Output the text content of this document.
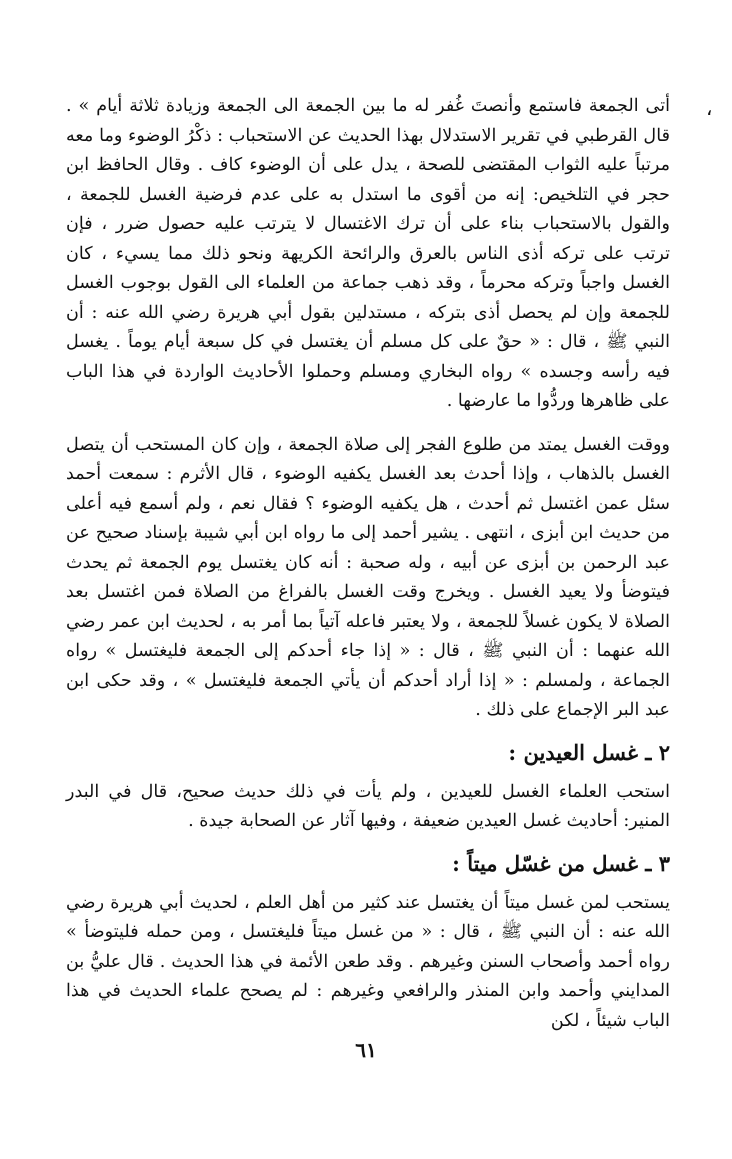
،

أتى الجمعة فاستمع وأنصتَ غُفر له ما بين الجمعة الى الجمعة وزيادة ثلاثة أيام » . قال القرطبي في تقرير الاستدلال بهذا الحديث عن الاستحباب : ذكْرُ الوضوء وما معه مرتباً عليه الثواب المقتضى للصحة ، يدل على أن الوضوء كاف . وقال الحافظ ابن حجر في التلخيص: إنه من أقوى ما استدل به على عدم فرضية الغسل للجمعة ، والقول بالاستحباب بناء على أن ترك الاغتسال لا يترتب عليه حصول ضرر ، فإن ترتب على تركه أذى الناس بالعرق والرائحة الكريهة ونحو ذلك مما يسيء ، كان الغسل واجباً وتركه محرماً ، وقد ذهب جماعة من العلماء الى القول بوجوب الغسل للجمعة وإن لم يحصل أذى بتركه ، مستدلين بقول أبي هريرة رضي الله عنه : أن النبي ﷺ ، قال : « حقٌ على كل مسلم أن يغتسل في كل سبعة أيام يوماً . يغسل فيه رأسه وجسده » رواه البخاري ومسلم وحملوا الأحاديث الواردة في هذا الباب على ظاهرها وردُّوا ما عارضها .

ووقت الغسل يمتد من طلوع الفجر إلى صلاة الجمعة ، وإن كان المستحب أن يتصل الغسل بالذهاب ، وإذا أحدث بعد الغسل يكفيه الوضوء ، قال الأثرم : سمعت أحمد سئل عمن اغتسل ثم أحدث ، هل يكفيه الوضوء ؟ فقال نعم ، ولم أسمع فيه أعلى من حديث ابن أبزى ، انتهى . يشير أحمد إلى ما رواه ابن أبي شيبة بإسناد صحيح عن عبد الرحمن بن أبزى عن أبيه ، وله صحبة : أنه كان يغتسل يوم الجمعة ثم يحدث فيتوضأ ولا يعيد الغسل . ويخرج وقت الغسل بالفراغ من الصلاة فمن اغتسل بعد الصلاة لا يكون غسلاً للجمعة ، ولا يعتبر فاعله آتياً بما أمر به ، لحديث ابن عمر رضي الله عنهما : أن النبي ﷺ ، قال : « إذا جاء أحدكم إلى الجمعة فليغتسل » رواه الجماعة ، ولمسلم : « إذا أراد أحدكم أن يأتي الجمعة فليغتسل » ، وقد حكى ابن عبد البر الإجماع على ذلك .

٢ ـ غسل العيدين :

استحب العلماء الغسل للعيدين ، ولم يأت في ذلك حديث صحيح، قال في البدر المنير: أحاديث غسل العيدين ضعيفة ، وفيها آثار عن الصحابة جيدة .

٣ ـ غسل من غسّل ميتاً :

يستحب لمن غسل ميتاً أن يغتسل عند كثير من أهل العلم ، لحديث أبي هريرة رضي الله عنه : أن النبي ﷺ ، قال : « من غسل ميتاً فليغتسل ، ومن حمله فليتوضأ » رواه أحمد وأصحاب السنن وغيرهم . وقد طعن الأئمة في هذا الحديث . قال عليُّ بن المدايني وأحمد وابن المنذر والرافعي وغيرهم : لم يصحح علماء الحديث في هذا الباب شيئاً ، لكن

٦١
